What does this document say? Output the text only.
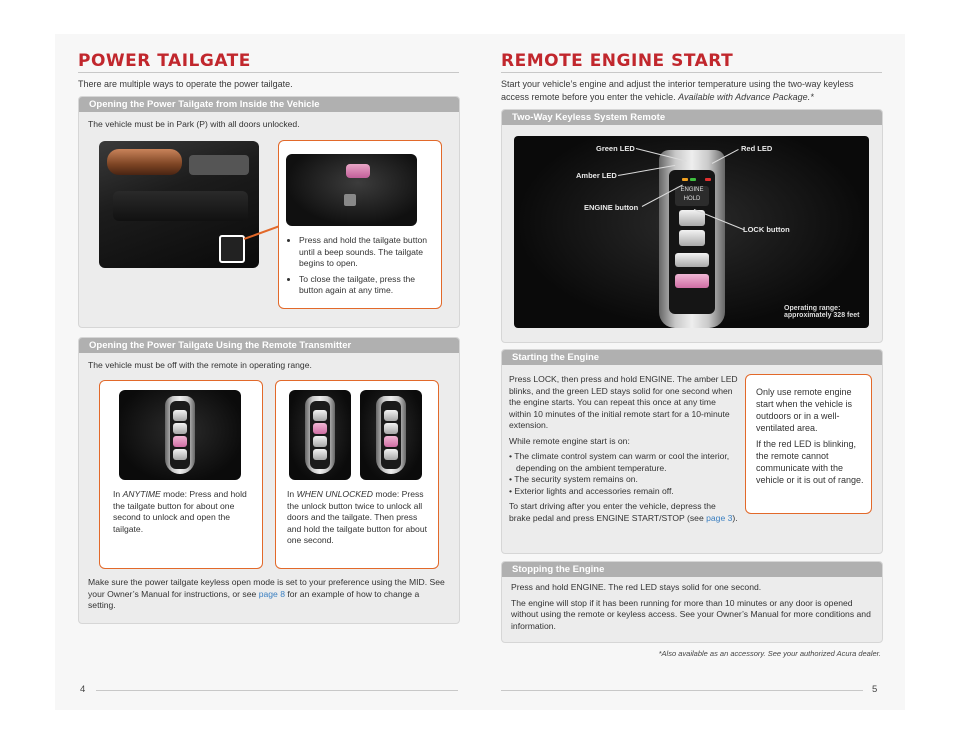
POWER TAILGATE
There are multiple ways to operate the power tailgate.
Opening the Power Tailgate from Inside the Vehicle
The vehicle must be in Park (P) with all doors unlocked.
• Press and hold the tailgate button until a beep sounds. The tailgate begins to open.
• To close the tailgate, press the button again at any time.
Opening the Power Tailgate Using the Remote Transmitter
The vehicle must be off with the remote in operating range.
In ANYTIME mode: Press and hold the tailgate button for about one second to unlock and open the tailgate.
In WHEN UNLOCKED mode: Press the unlock button twice to unlock all doors and the tailgate. Then press and hold the tailgate button for about one second.
Make sure the power tailgate keyless open mode is set to your preference using the MID. See your Owner’s Manual for instructions, or see page 8 for an example of how to change a setting.
4
REMOTE ENGINE START
Start your vehicle’s engine and adjust the interior temperature using the two-way keyless access remote before you enter the vehicle. Available with Advance Package.*
Two-Way Keyless System Remote
ENGINE
HOLD
Green LED	Red LED
Amber LED
ENGINE button
LOCK button
Operating range:
approximately 328 feet
Starting the Engine

Press LOCK, then press and hold ENGINE. The amber LED blinks, and the green LED stays solid for one second when the engine starts. You can repeat this once at any time within 10 minutes of the initial remote start for a 10-minute extension.

While remote engine start is on:

• The climate control system can warm or cool the interior, depending on the ambient temperature.
• The security system remains on.
• Exterior lights and accessories remain off.

To start driving after you enter the vehicle, depress the brake pedal and press ENGINE START/STOP (see page 3).

Only use remote engine start when the vehicle is outdoors or in a well-ventilated area.

If the red LED is blinking, the remote cannot communicate with the vehicle or it is out of range.

Stopping the Engine

Press and hold ENGINE. The red LED stays solid for one second.

The engine will stop if it has been running for more than 10 minutes or any door is opened without using the remote or keyless access. See your Owner’s Manual for more conditions and information.

*Also available as an accessory. See your authorized Acura dealer.
5
